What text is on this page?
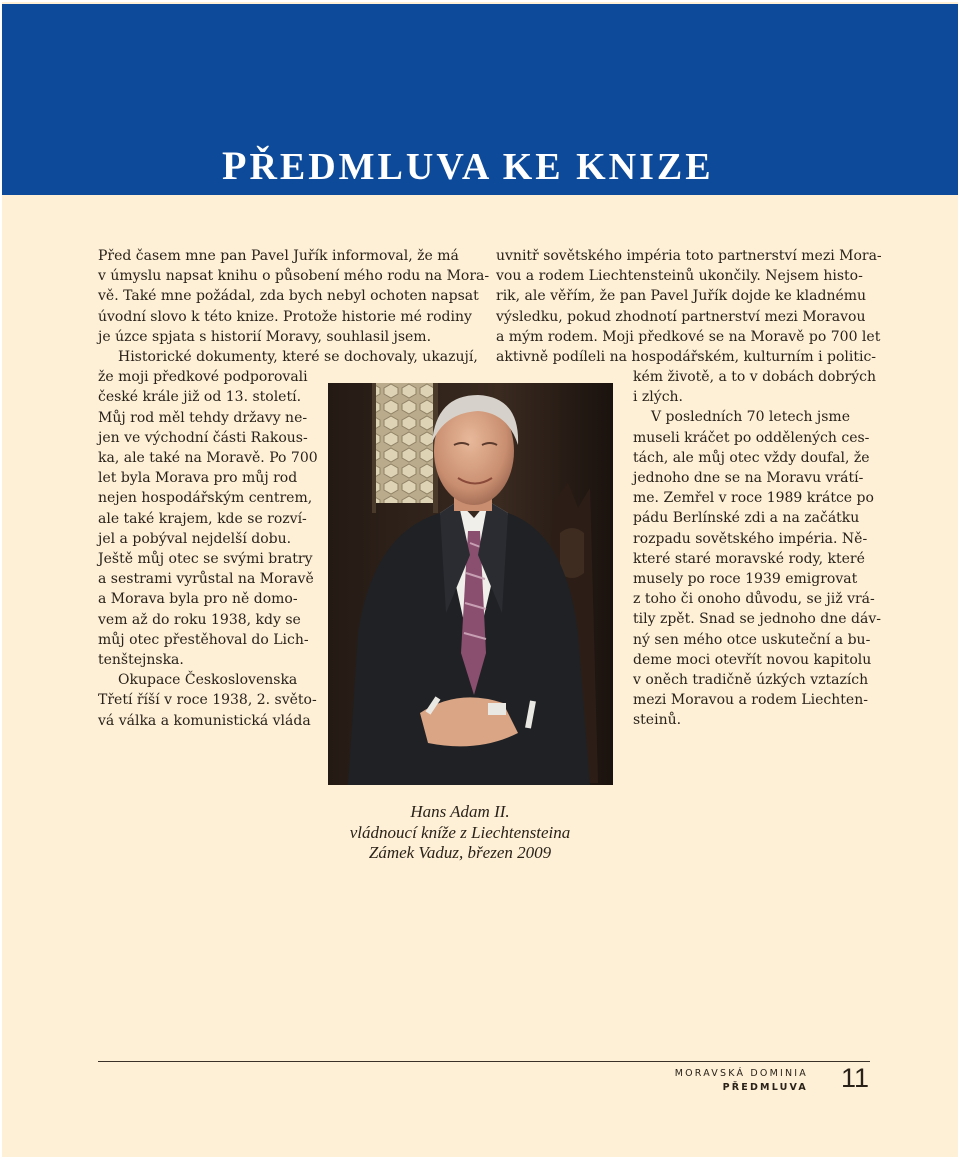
PŘEDMLUVA KE KNIZE
Před časem mne pan Pavel Juřík informoval, že má
v úmyslu napsat knihu o působení mého rodu na Mora-
vě. Také mne požádal, zda bych nebyl ochoten napsat
úvodní slovo k této knize. Protože historie mé rodiny
je úzce spjata s historií Moravy, souhlasil jsem.
Historické dokumenty, které se dochovaly, ukazují,
že moji předkové podporovali
české krále již od 13. století.
Můj rod měl tehdy državy ne-
jen ve východní části Rakous-
ka, ale také na Moravě. Po 700
let byla Morava pro můj rod
nejen hospodářským centrem,
ale také krajem, kde se rozví-
jel a pobýval nejdelší dobu.
Ještě můj otec se svými bratry
a sestrami vyrůstal na Moravě
a Morava byla pro ně domo-
vem až do roku 1938, kdy se
můj otec přestěhoval do Lich-
tenštejnska.
Okupace Československa
Třetí říší v roce 1938, 2. světo-
vá válka a komunistická vláda
uvnitř sovětského impéria toto partnerství mezi Mora-
vou a rodem Liechtensteinů ukončily. Nejsem histo-
rik, ale věřím, že pan Pavel Juřík dojde ke kladnému
výsledku, pokud zhodnotí partnerství mezi Moravou
a mým rodem. Moji předkové se na Moravě po 700 let
aktivně podíleli na hospodářském, kulturním i politic-
kém životě, a to v dobách dobrých
i zlých.
V posledních 70 letech jsme
museli kráčet po oddělených ces-
tách, ale můj otec vždy doufal, že
jednoho dne se na Moravu vrátí-
me. Zemřel v roce 1989 krátce po
pádu Berlínské zdi a na začátku
rozpadu sovětského impéria. Ně-
které staré moravské rody, které
musely po roce 1939 emigrovat
z toho či onoho důvodu, se již vrá-
tily zpět. Snad se jednoho dne dáv-
ný sen mého otce uskuteční a bu-
deme moci otevřít novou kapitolu
v oněch tradičně úzkých vztazích
mezi Moravou a rodem Liechten-
steinů.
Hans Adam II.
vládnoucí kníže z Liechtensteina
Zámek Vaduz, březen 2009
MORAVSKÁ DOMINIA
PŘEDMLUVA 11
